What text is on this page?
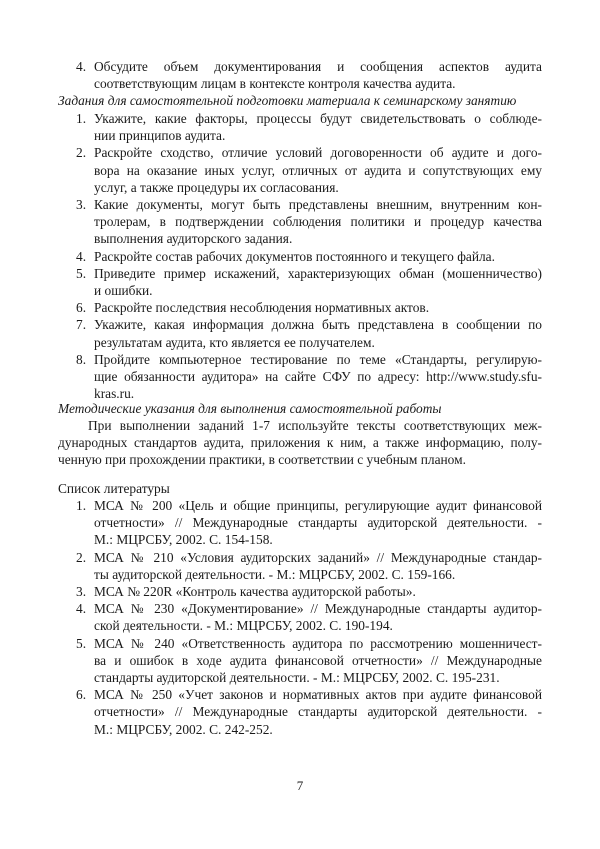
4. Обсудите объем документирования и сообщения аспектов аудита
соответствующим лицам в контексте контроля качества аудита.
Задания для самостоятельной подготовки материала к семинарскому занятию
1. Укажите, какие факторы, процессы будут свидетельствовать о соблюде-
нии принципов аудита.
2. Раскройте сходство, отличие условий договоренности об аудите и дого-
вора на оказание иных услуг, отличных от аудита и сопутствующих ему
услуг, а также процедуры их согласования.
3. Какие документы, могут быть представлены внешним, внутренним кон-
тролерам, в подтверждении соблюдения политики и процедур качества
выполнения аудиторского задания.
4. Раскройте состав рабочих документов постоянного и текущего файла.
5. Приведите пример искажений, характеризующих обман (мошенничество)
и ошибки.
6. Раскройте последствия несоблюдения нормативных актов.
7. Укажите, какая информация должна быть представлена в сообщении по
результатам аудита, кто является ее получателем.
8. Пройдите компьютерное тестирование по теме «Стандарты, регулирую-
щие обязанности аудитора» на сайте СФУ по адресу: http://www.study.sfu-
kras.ru.
Методические указания для выполнения самостоятельной работы
При выполнении заданий 1-7 используйте тексты соответствующих меж-
дународных стандартов аудита, приложения к ним, а также информацию, полу-
ченную при прохождении практики, в соответствии с учебным планом.
Список литературы
1. МСА № 200 «Цель и общие принципы, регулирующие аудит финансовой
отчетности» // Международные стандарты аудиторской деятельности. -
М.: МЦРСБУ, 2002. С. 154-158.
2. МСА № 210 «Условия аудиторских заданий» // Международные стандар-
ты аудиторской деятельности. - М.: МЦРСБУ, 2002. С. 159-166.
3. МСА № 220R «Контроль качества аудиторской работы».
4. МСА № 230 «Документирование» // Международные стандарты аудитор-
ской деятельности. - М.: МЦРСБУ, 2002. С. 190-194.
5. МСА № 240 «Ответственность аудитора по рассмотрению мошенничест-
ва и ошибок в ходе аудита финансовой отчетности» // Международные
стандарты аудиторской деятельности. - М.: МЦРСБУ, 2002. С. 195-231.
6. МСА № 250 «Учет законов и нормативных актов при аудите финансовой
отчетности» // Международные стандарты аудиторской деятельности. -
М.: МЦРСБУ, 2002. С. 242-252.
7
